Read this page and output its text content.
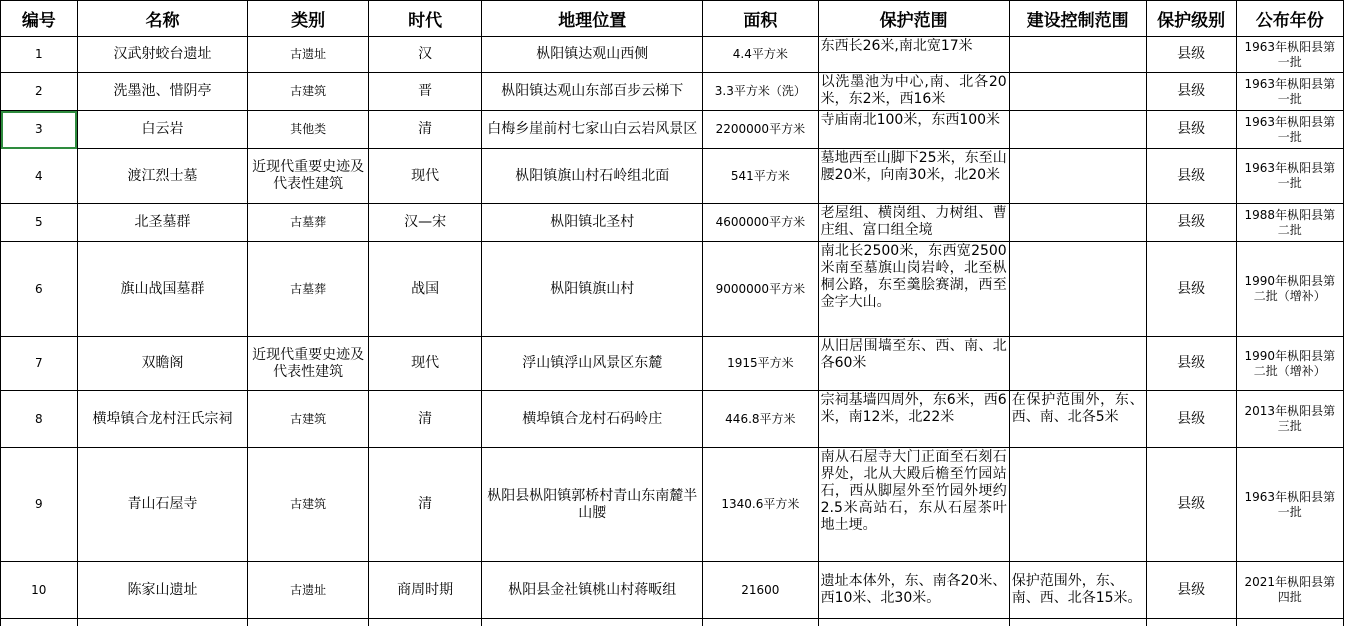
编号	名称	类别	时代	地理位置	面积	保护范围	建设控制范围	保护级别	公布年份
1	汉武射蛟台遗址	古遗址	汉	枞阳镇达观山西侧	4.4平方米	东西长26米,南北宽17米		县级	1963年枞阳县第一批
2	洗墨池、惜阴亭	古建筑	晋	枞阳镇达观山东部百步云梯下	3.3平方米（洗）	以洗墨池为中心,南、北各20米，东2米，西16米		县级	1963年枞阳县第一批
3	白云岩	其他类	清	白梅乡崖前村七家山白云岩风景区	2200000平方米	寺庙南北100米，东西100米		县级	1963年枞阳县第一批
4	渡江烈士墓	近现代重要史迹及代表性建筑	现代	枞阳镇旗山村石岭组北面	541平方米	墓地西至山脚下25米，东至山腰20米，向南30米，北20米		县级	1963年枞阳县第一批
5	北圣墓群	古墓葬	汉—宋	枞阳镇北圣村	4600000平方米	老屋组、横岗组、力树组、曹庄组、富口组全境		县级	1988年枞阳县第二批
6	旗山战国墓群	古墓葬	战国	枞阳镇旗山村	9000000平方米	南北长2500米，东西宽2500米南至墓旗山岗岩岭，北至枞桐公路，东至羹脍赛湖，西至金字大山。		县级	1990年枞阳县第二批（增补）
7	双瞻阁	近现代重要史迹及代表性建筑	现代	浮山镇浮山风景区东麓	1915平方米	从旧居围墙至东、西、南、北各60米		县级	1990年枞阳县第二批（增补）
8	横埠镇合龙村汪氏宗祠	古建筑	清	横埠镇合龙村石码岭庄	446.8平方米	宗祠基墙四周外，东6米，西6米，南12米，北22米	在保护范围外，东、西、南、北各5米	县级	2013年枞阳县第三批
9	青山石屋寺	古建筑	清	枞阳县枞阳镇郭桥村青山东南麓半山腰	1340.6平方米	南从石屋寺大门正面至石刻石界处，北从大殿后檐至竹园站石，西从脚屋外至竹园外埂约2.5米高站石，东从石屋茶叶地土埂。		县级	1963年枞阳县第一批
10	陈家山遗址	古遗址	商周时期	枞阳县金社镇桃山村蒋畈组	21600	遗址本体外，东、南各20米、西10米、北30米。	保护范围外，东、南、西、北各15米。	县级	2021年枞阳县第四批
